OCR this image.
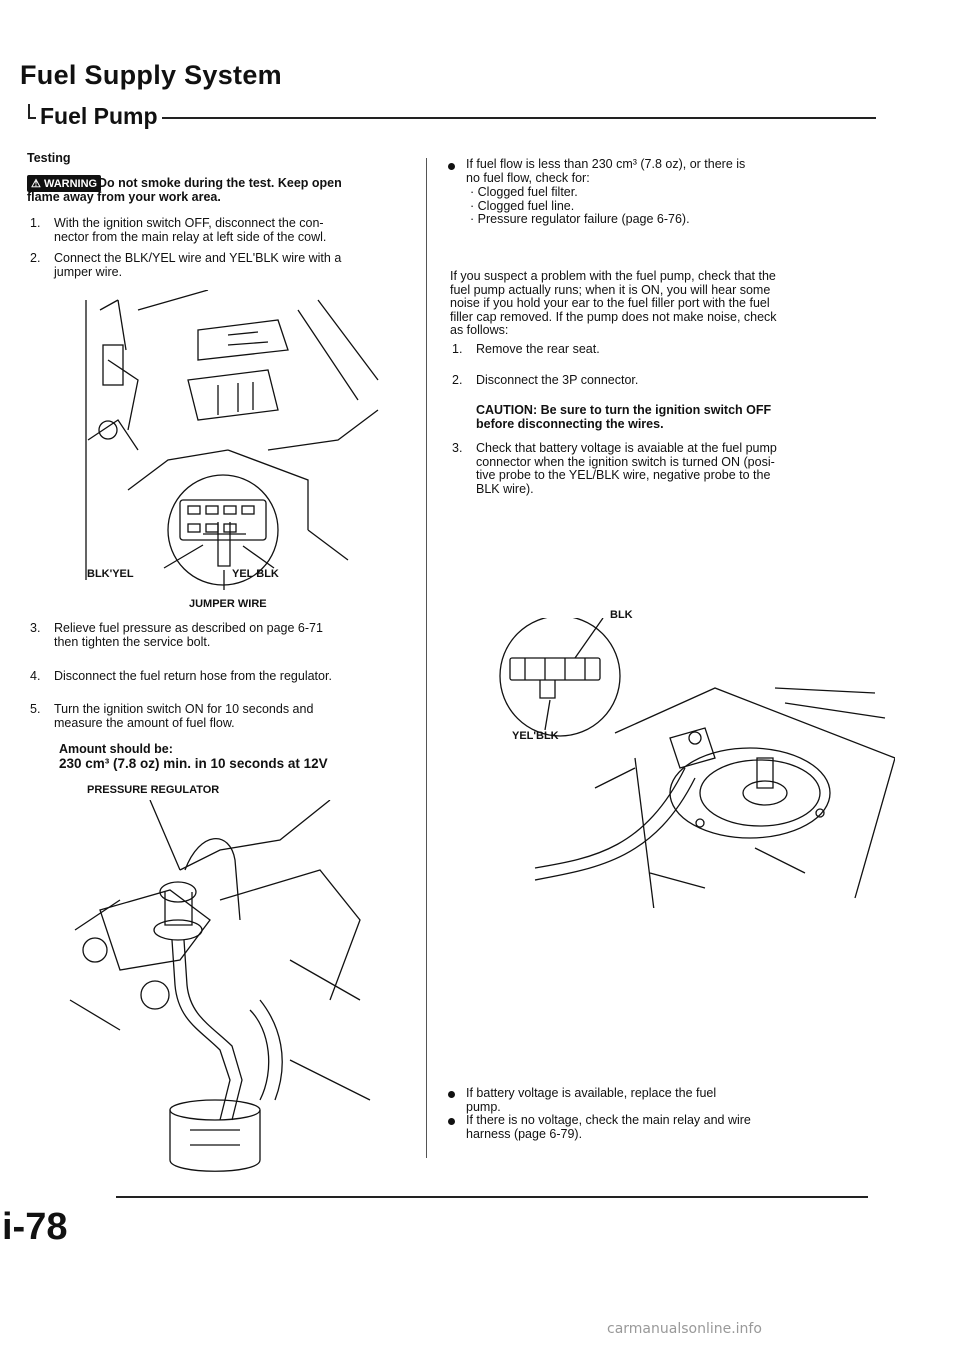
Fuel Supply System
Fuel Pump
Testing
⚠ WARNING Do not smoke during the test. Keep open
flame away from your work area.
1. With the ignition switch OFF, disconnect the con-
nector from the main relay at left side of the cowl.
2. Connect the BLK/YEL wire and YEL'BLK wire with a
jumper wire.
BLK'YEL	YEL BLK
JUMPER WIRE
3. Relieve fuel pressure as described on page 6-71
then tighten the service bolt.
4. Disconnect the fuel return hose from the regulator.
5. Turn the ignition switch ON for 10 seconds and
measure the amount of fuel flow.
Amount should be:
230 cm³ (7.8 oz) min. in 10 seconds at 12V
PRESSURE REGULATOR
If fuel flow is less than 230 cm³ (7.8 oz), or there is
no fuel flow, check for:
· Clogged fuel filter.
· Clogged fuel line.
· Pressure regulator failure (page 6-76).
If you suspect a problem with the fuel pump, check that the
fuel pump actually runs; when it is ON, you will hear some
noise if you hold your ear to the fuel filler port with the fuel
filler cap removed. If the pump does not make noise, check
as follows:
1. Remove the rear seat.
2. Disconnect the 3P connector.
CAUTION: Be sure to turn the ignition switch OFF
before disconnecting the wires.
3. Check that battery voltage is avaiable at the fuel pump
connector when the ignition switch is turned ON (posi-
tive probe to the YEL/BLK wire, negative probe to the
BLK wire).
BLK
YEL'BLK
If battery voltage is available, replace the fuel
pump.
If there is no voltage, check the main relay and wire
harness (page 6-79).
i-78
carmanualsonline.info
